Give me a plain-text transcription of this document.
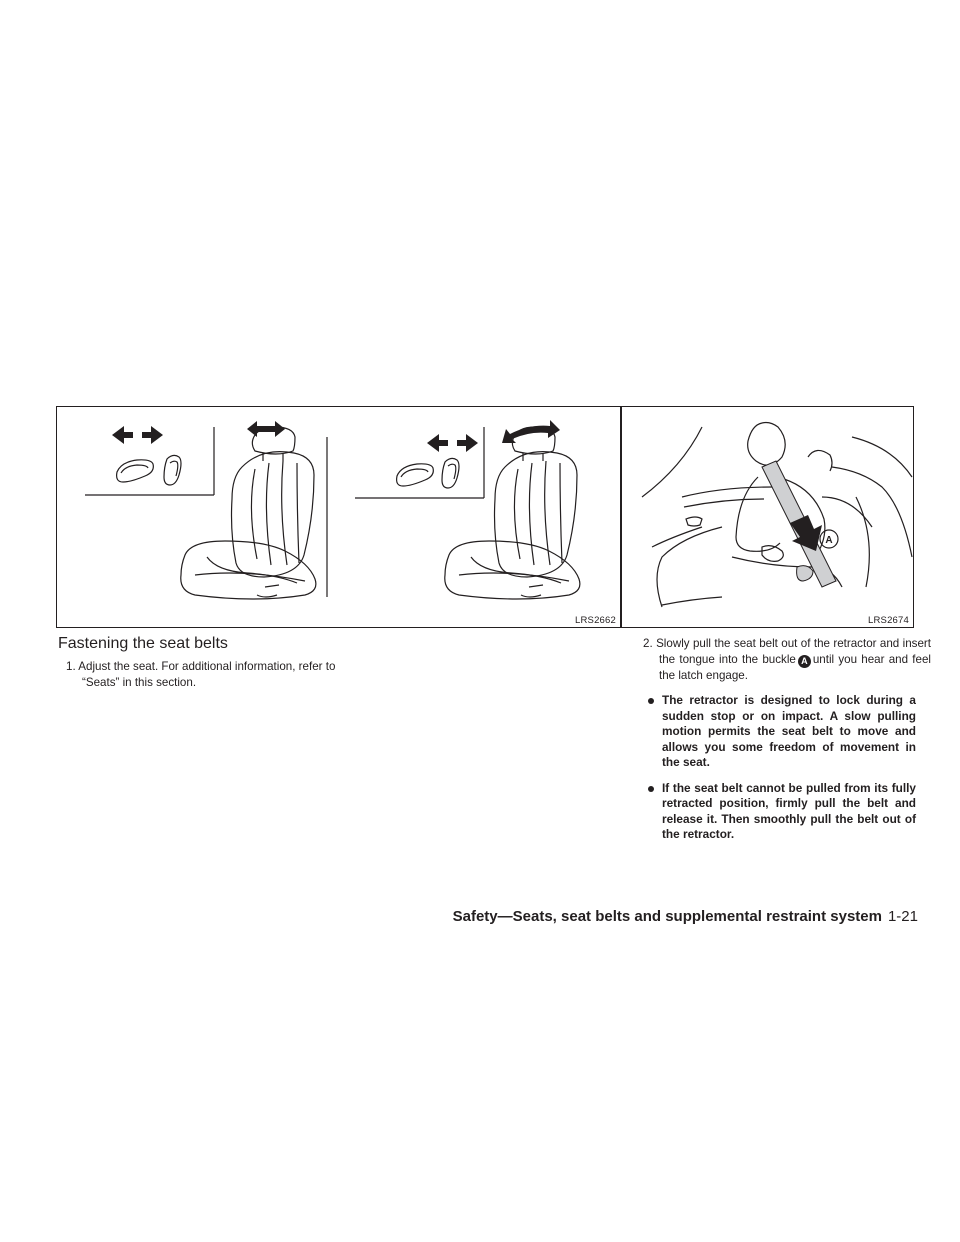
LRS2662
A
LRS2674
Fastening the seat belts

1. Adjust the seat. For additional information, refer to “Seats” in this section.

2. Slowly pull the seat belt out of the retractor and insert the tongue into the buckle A until you hear and feel the latch engage.

The retractor is designed to lock during a sudden stop or on impact. A slow pulling motion permits the seat belt to move and allows you some freedom of movement in the seat.
If the seat belt cannot be pulled from its fully retracted position, firmly pull the belt and release it. Then smoothly pull the belt out of the retractor.
Safety—Seats, seat belts and supplemental restraint system 1-21
